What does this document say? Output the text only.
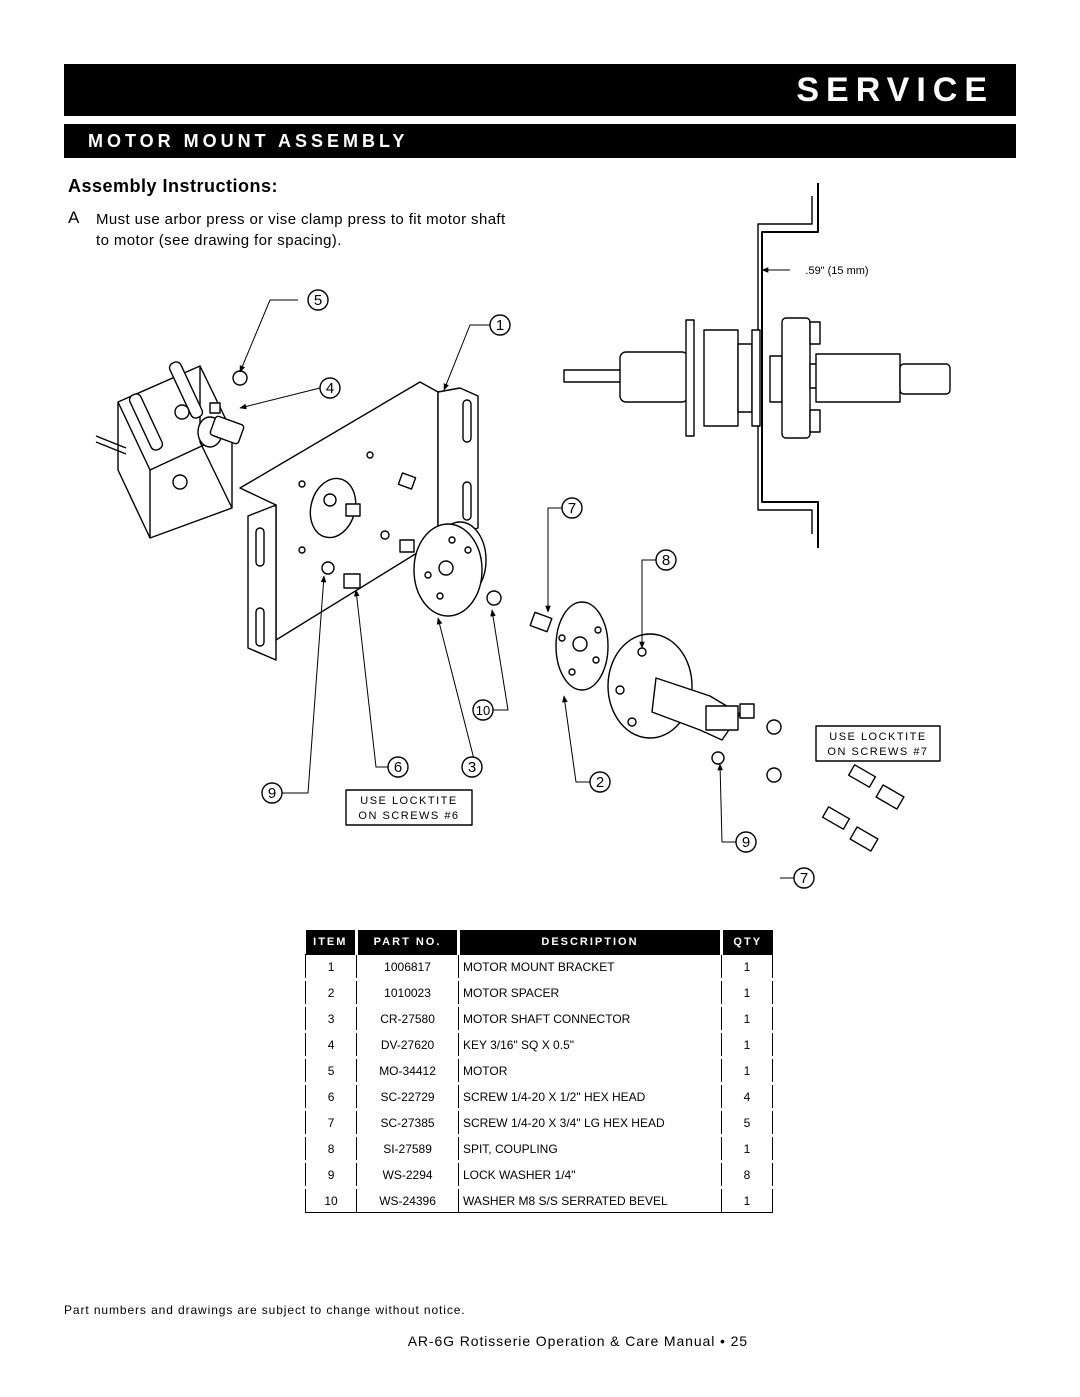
SERVICE
MOTOR MOUNT ASSEMBLY
Assembly Instructions:
A Must use arbor press or vise clamp press to fit motor shaft to motor (see drawing for spacing).
5
1
4
7
8
10
3
6
9
2
9
7
USE LOCKTITE
ON SCREWS #6
USE LOCKTITE
ON SCREWS #7
.59" (15 mm)
ITEM	PART NO.	DESCRIPTION	QTY
1	1006817	MOTOR MOUNT BRACKET	1
2	1010023	MOTOR SPACER	1
3	CR-27580	MOTOR SHAFT CONNECTOR	1
4	DV-27620	KEY 3/16" SQ X 0.5"	1
5	MO-34412	MOTOR	1
6	SC-22729	SCREW 1/4-20 X 1/2" HEX HEAD	4
7	SC-27385	SCREW 1/4-20 X 3/4" LG HEX HEAD	5
8	SI-27589	SPIT, COUPLING	1
9	WS-2294	LOCK WASHER 1/4"	8
10	WS-24396	WASHER M8 S/S SERRATED BEVEL	1
Part numbers and drawings are subject to change without notice.
AR-6G Rotisserie Operation & Care Manual • 25
